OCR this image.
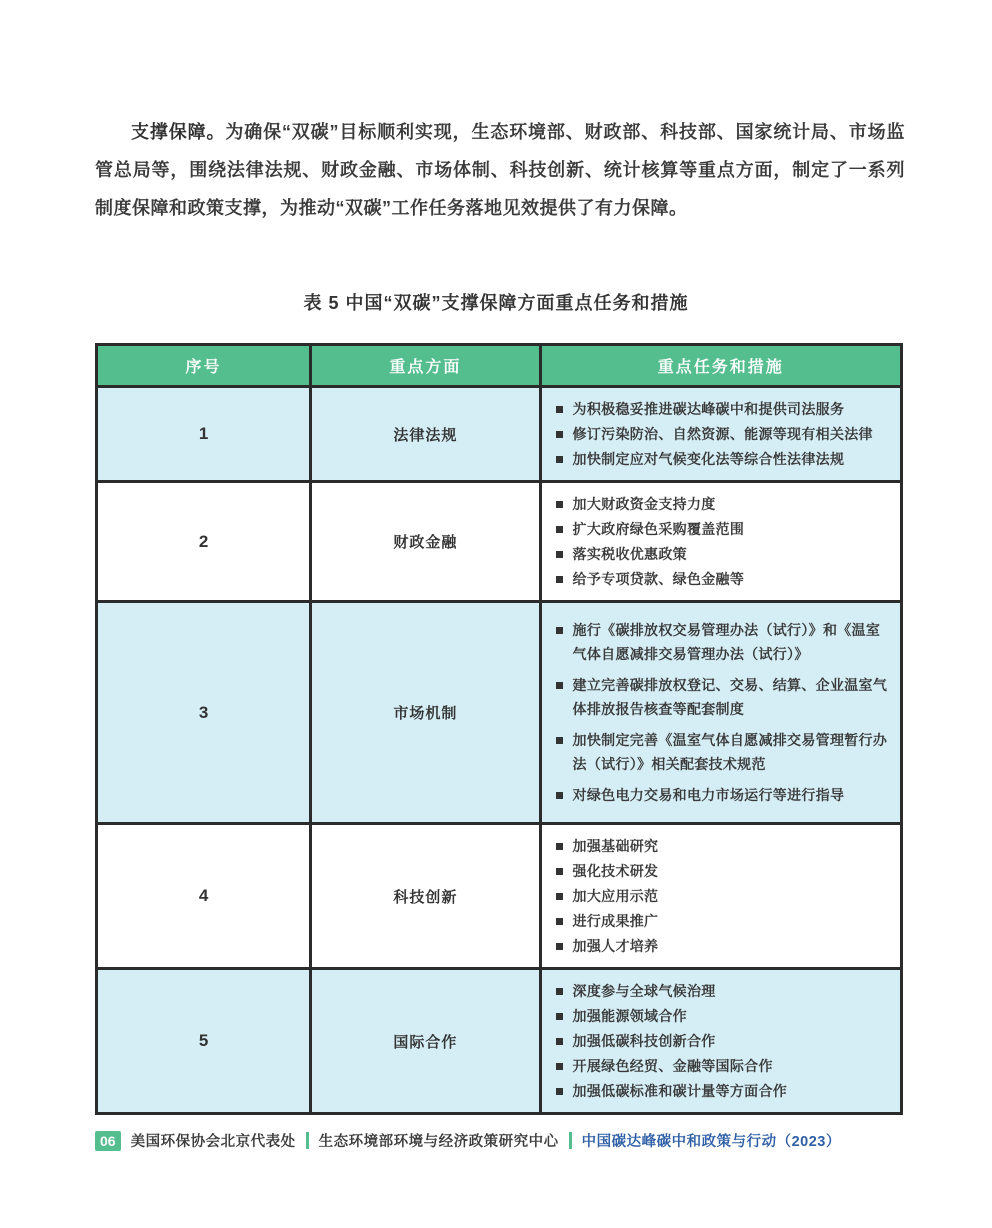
支撑保障。为确保“双碳”目标顺利实现，生态环境部、财政部、科技部、国家统计局、市场监管总局等，围绕法律法规、财政金融、市场体制、科技创新、统计核算等重点方面，制定了一系列制度保障和政策支撑，为推动“双碳”工作任务落地见效提供了有力保障。

表 5 中国“双碳”支撑保障方面重点任务和措施
序号	重点方面	重点任务和措施
1	法律法规	
为积极稳妥推进碳达峰碳中和提供司法服务
修订污染防治、自然资源、能源等现有相关法律
加快制定应对气候变化法等综合性法律法规

2	财政金融	
加大财政资金支持力度
扩大政府绿色采购覆盖范围
落实税收优惠政策
给予专项贷款、绿色金融等

3	市场机制	
施行《碳排放权交易管理办法（试行）》和《温室气体自愿减排交易管理办法（试行）》
建立完善碳排放权登记、交易、结算、企业温室气体排放报告核查等配套制度
加快制定完善《温室气体自愿减排交易管理暂行办法（试行）》相关配套技术规范
对绿色电力交易和电力市场运行等进行指导

4	科技创新	
加强基础研究
强化技术研发
加大应用示范
进行成果推广
加强人才培养

5	国际合作	
深度参与全球气候治理
加强能源领域合作
加强低碳科技创新合作
开展绿色经贸、金融等国际合作
加强低碳标准和碳计量等方面合作
06	美国环保协会北京代表处 生态环境部环境与经济政策研究中心 中国碳达峰碳中和政策与行动（2023）
